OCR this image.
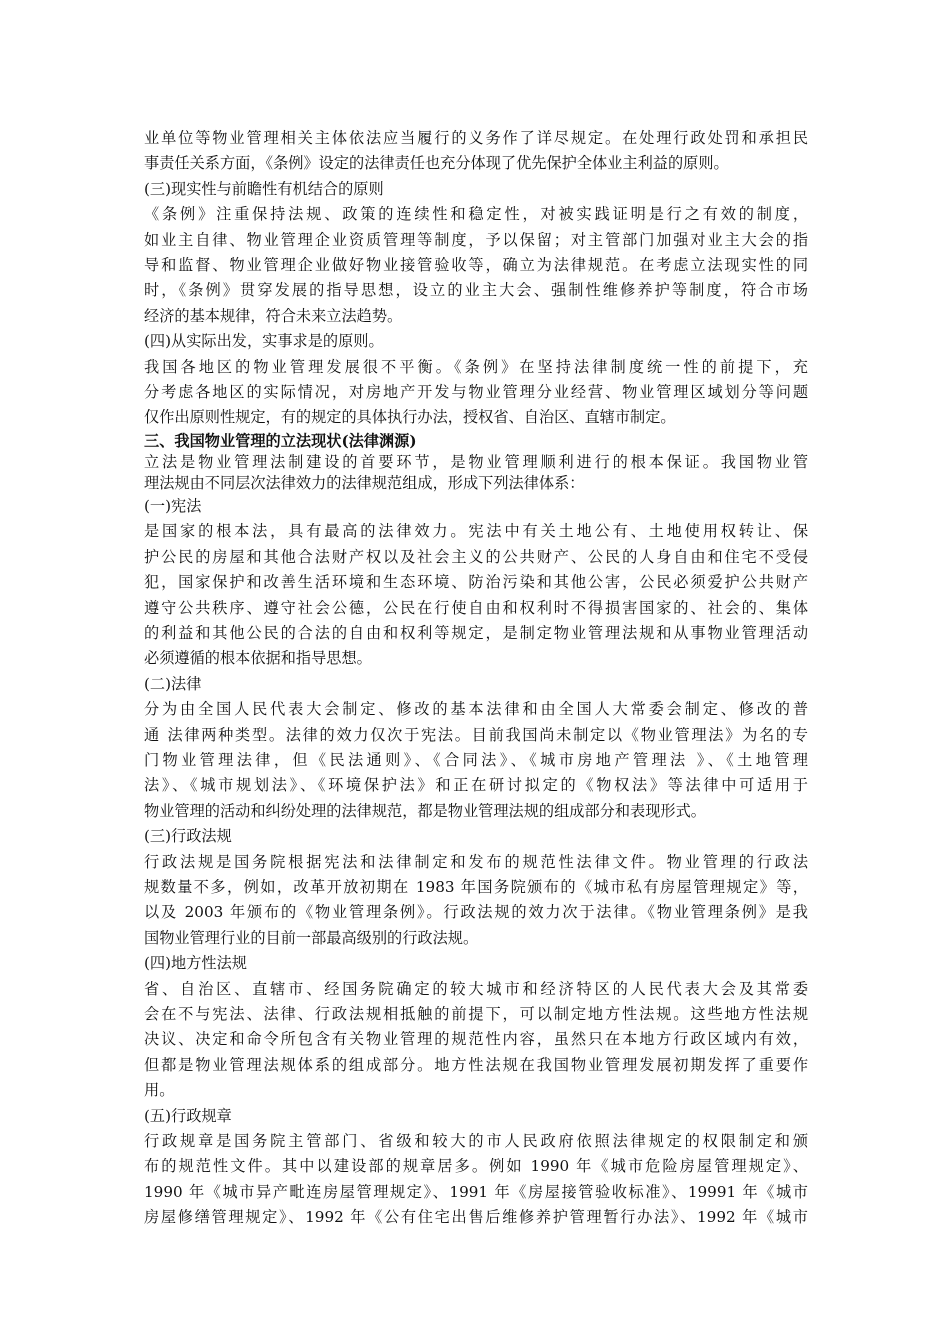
业单位等物业管理相关主体依法应当履行的义务作了详尽规定。在处理行政处罚和承担民

事责任关系方面，《条例》设定的法律责任也充分体现了优先保护全体业主利益的原则。

(三)现实性与前瞻性有机结合的原则

《条例》注重保持法规、政策的连续性和稳定性，对被实践证明是行之有效的制度，

如业主自律、物业管理企业资质管理等制度，予以保留；对主管部门加强对业主大会的指

导和监督、物业管理企业做好物业接管验收等，确立为法律规范。在考虑立法现实性的同

时，《条例》贯穿发展的指导思想，设立的业主大会、强制性维修养护等制度，符合市场

经济的基本规律，符合未来立法趋势。

(四)从实际出发，实事求是的原则。

我国各地区的物业管理发展很不平衡。《条例》在坚持法律制度统一性的前提下，充

分考虑各地区的实际情况，对房地产开发与物业管理分业经营、物业管理区域划分等问题

仅作出原则性规定，有的规定的具体执行办法，授权省、自治区、直辖市制定。

三、我国物业管理的立法现状(法律渊源)

立法是物业管理法制建设的首要环节，是物业管理顺利进行的根本保证。我国物业管

理法规由不同层次法律效力的法律规范组成，形成下列法律体系：

(一)宪法

是国家的根本法，具有最高的法律效力。宪法中有关土地公有、土地使用权转让、保

护公民的房屋和其他合法财产权以及社会主义的公共财产、公民的人身自由和住宅不受侵

犯，国家保护和改善生活环境和生态环境、防治污染和其他公害，公民必须爱护公共财产

遵守公共秩序、遵守社会公德，公民在行使自由和权利时不得损害国家的、社会的、集体

的利益和其他公民的合法的自由和权利等规定，是制定物业管理法规和从事物业管理活动

必须遵循的根本依据和指导思想。

(二)法律

分为由全国人民代表大会制定、修改的基本法律和由全国人大常委会制定、修改的普

通 法律两种类型。法律的效力仅次于宪法。目前我国尚未制定以《物业管理法》为名的专

门物业管理法律，但《民法通则》、《合同法》、《城市房地产管理法 》、《土地管理

法》、《城市规划法》、《环境保护法》和正在研讨拟定的《物权法》等法律中可适用于

物业管理的活动和纠纷处理的法律规范，都是物业管理法规的组成部分和表现形式。

(三)行政法规

行政法规是国务院根据宪法和法律制定和发布的规范性法律文件。物业管理的行政法

规数量不多，例如，改革开放初期在 1983 年国务院颁布的《城市私有房屋管理规定》等，

以及 2003 年颁布的《物业管理条例》。行政法规的效力次于法律。《物业管理条例》是我

国物业管理行业的目前一部最高级别的行政法规。

(四)地方性法规

省、自治区、直辖市、经国务院确定的较大城市和经济特区的人民代表大会及其常委

会在不与宪法、法律、行政法规相抵触的前提下，可以制定地方性法规。这些地方性法规

决议、决定和命令所包含有关物业管理的规范性内容，虽然只在本地方行政区域内有效，

但都是物业管理法规体系的组成部分。地方性法规在我国物业管理发展初期发挥了重要作

用。

(五)行政规章

行政规章是国务院主管部门、省级和较大的市人民政府依照法律规定的权限制定和颁

布的规范性文件。其中以建设部的规章居多。例如 1990 年《城市危险房屋管理规定》、

1990 年《城市异产毗连房屋管理规定》、1991 年《房屋接管验收标准》、19991 年《城市

房屋修缮管理规定》、1992 年《公有住宅出售后维修养护管理暂行办法》、1992 年《城市
